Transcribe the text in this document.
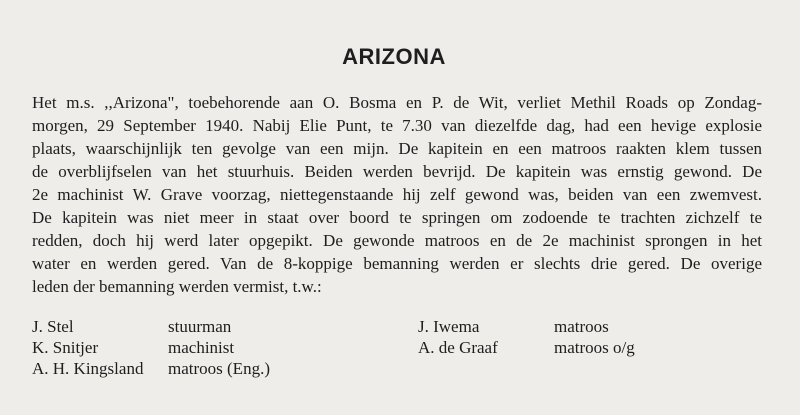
ARIZONA
Het m.s. ,,Arizona", toebehorende aan O. Bosma en P. de Wit, verliet Methil Roads op Zondag-
morgen, 29 September 1940. Nabij Elie Punt, te 7.30 van diezelfde dag, had een hevige explosie
plaats, waarschijnlijk ten gevolge van een mijn. De kapitein en een matroos raakten klem tussen
de overblijfselen van het stuurhuis. Beiden werden bevrijd. De kapitein was ernstig gewond. De
2e machinist W. Grave voorzag, niettegenstaande hij zelf gewond was, beiden van een zwemvest.
De kapitein was niet meer in staat over boord te springen om zodoende te trachten zichzelf te
redden, doch hij werd later opgepikt. De gewonde matroos en de 2e machinist sprongen in het
water en werden gered. Van de 8-koppige bemanning werden er slechts drie gered. De overige
leden der bemanning werden vermist, t.w.:
J. Stel	stuurman
K. Snitjer	machinist
A. H. Kingsland matroos (Eng.)
J. Iwema	matroos
A. de Graaf	matroos o/g
